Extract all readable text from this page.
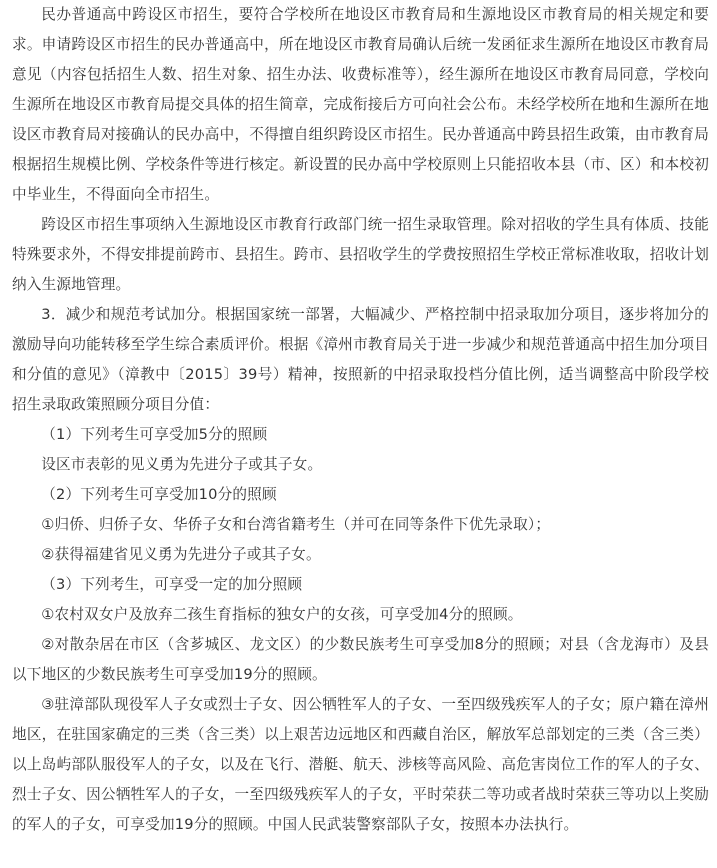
民办普通高中跨设区市招生，要符合学校所在地设区市教育局和生源地设区市教育局的相关规定和要求。申请跨设区市招生的民办普通高中，所在地设区市教育局确认后统一发函征求生源所在地设区市教育局意见（内容包括招生人数、招生对象、招生办法、收费标准等），经生源所在地设区市教育局同意，学校向生源所在地设区市教育局提交具体的招生简章，完成衔接后方可向社会公布。未经学校所在地和生源所在地设区市教育局对接确认的民办高中，不得擅自组织跨设区市招生。民办普通高中跨县招生政策，由市教育局根据招生规模比例、学校条件等进行核定。新设置的民办高中学校原则上只能招收本县（市、区）和本校初中毕业生，不得面向全市招生。

跨设区市招生事项纳入生源地设区市教育行政部门统一招生录取管理。除对招收的学生具有体质、技能特殊要求外，不得安排提前跨市、县招生。跨市、县招收学生的学费按照招生学校正常标准收取，招收计划纳入生源地管理。

3．减少和规范考试加分。根据国家统一部署，大幅减少、严格控制中招录取加分项目，逐步将加分的激励导向功能转移至学生综合素质评价。根据《漳州市教育局关于进一步减少和规范普通高中招生加分项目和分值的意见》（漳教中〔2015〕39号）精神，按照新的中招录取投档分值比例，适当调整高中阶段学校招生录取政策照顾分项目分值：

（1）下列考生可享受加5分的照顾

设区市表彰的见义勇为先进分子或其子女。

（2）下列考生可享受加10分的照顾

①归侨、归侨子女、华侨子女和台湾省籍考生（并可在同等条件下优先录取）；

②获得福建省见义勇为先进分子或其子女。

（3）下列考生，可享受一定的加分照顾

①农村双女户及放弃二孩生育指标的独女户的女孩，可享受加4分的照顾。

②对散杂居在市区（含芗城区、龙文区）的少数民族考生可享受加8分的照顾；对县（含龙海市）及县以下地区的少数民族考生可享受加19分的照顾。

③驻漳部队现役军人子女或烈士子女、因公牺牲军人的子女、一至四级残疾军人的子女；原户籍在漳州地区，在驻国家确定的三类（含三类）以上艰苦边远地区和西藏自治区，解放军总部划定的三类（含三类）以上岛屿部队服役军人的子女，以及在飞行、潜艇、航天、涉核等高风险、高危害岗位工作的军人的子女、烈士子女、因公牺牲军人的子女，一至四级残疾军人的子女，平时荣获二等功或者战时荣获三等功以上奖励的军人的子女，可享受加19分的照顾。中国人民武装警察部队子女，按照本办法执行。
